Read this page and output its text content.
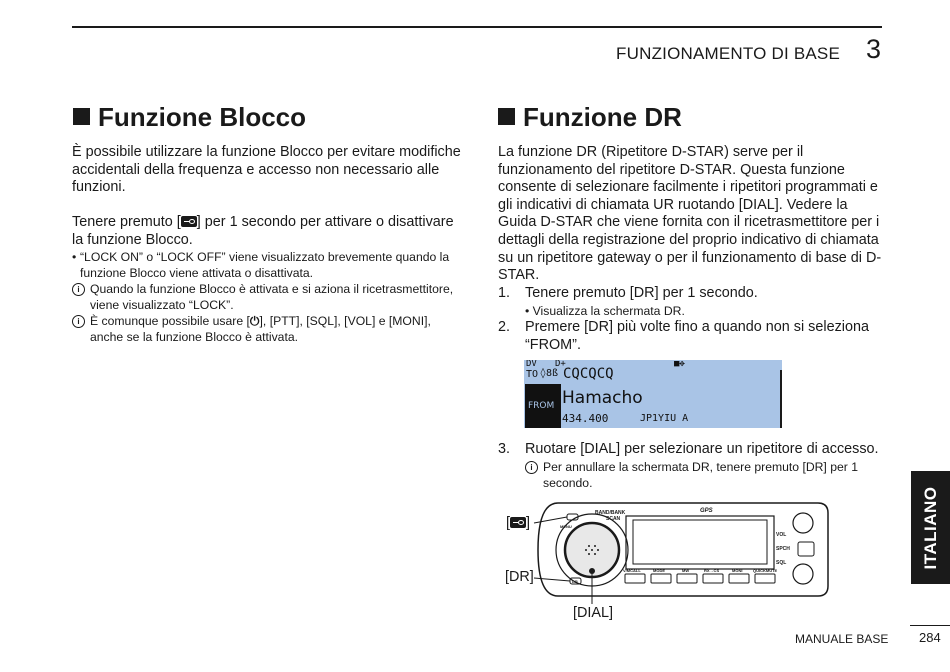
FUNZIONAMENTO DI BASE 3
Funzione Blocco

È possibile utilizzare la funzione Blocco per evitare modifiche accidentali della frequenza e accesso non necessario alle funzioni.

Tenere premuto [ ] per 1 secondo per attivare o disattivare la funzione Blocco.

• “LOCK ON” o “LOCK OFF” viene visualizzato brevemente quando la funzione Blocco viene attivata o disattivata.
i Quando la funzione Blocco è attivata e si aziona il ricetrasmettitore, viene visualizzato “LOCK”.
i È comunque possibile usare [⏻], [PTT], [SQL], [VOL] e [MONI], anche se la funzione Blocco è attivata.
Funzione DR

La funzione DR (Ripetitore D-STAR) serve per il funzionamento del ripetitore D-STAR. Questa funzione consente di selezionare facilmente i ripetitori programmati e gli indicativi di chiamata UR ruotando [DIAL]. Vedere la Guida D-STAR che viene fornita con il ricetrasmettitore per i dettagli della registrazione del proprio indicativo di chiamata su un ripetitore gateway o per il funzionamento di base di D-STAR.

1.	Tenere premuto [DR] per 1 secondo.
• Visualizza la schermata DR.
2.	Premere [DR] più volte fino a quando non si seleziona “FROM”.
DV D+	■✥
TO ◊8ß CQCQCQ
FROM Hamacho
434.400	JP1YIU A
3.	Ruotare [DIAL] per selezionare un ripetitore di accesso.
i Per annullare la schermata DR, tenere premuto [DR] per 1 secondo.
BAND/BANK
SCAN
GPS
VOL
SPCH
SQL
MENU
DR
V/MCALL	MODE	MW	RX→CS	MONI	QUICKMUTE
[ ]
[DR]
[DIAL]
ITALIANO
MANUALE BASE 284
